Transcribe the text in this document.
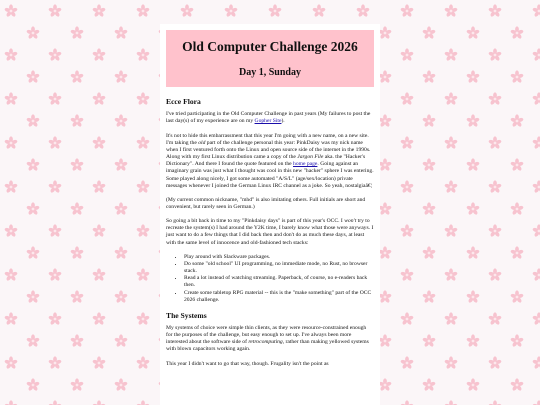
Old Computer Challenge 2026
Day 1, Sunday
Ecce Flora

I've tried participating in the Old Computer Challenge in past years (My failures to post the last day(s) of my experience are on my Gopher Site).

It's not to hide this embarrassment that this year I'm going with a new name, on a new site. I'm taking the old part of the challenge personal this year: PinkDaisy was my nick name when I first ventured forth onto the Linux and open source side of the internet in the 1990s. Along with my first Linux distribution came a copy of the Jargon File aka. the "Hacker's Dictionary". And there I found the quote featured on the home page. Going against an imaginary grain was just what I thought was cool in this new "hacker" sphere I was entering. Some played along nicely, I got some automated "A/S/L" (age/sex/location) private messages whenever I joined the German Linux IRC channel as a joke. So yeah, nostalgiaâ€¦

(My current common nickname, "mhd" is also imitating others. Full initials are short and convenient, but rarely seen in German.)

So going a bit back in time to my "Pinkdaisy days" is part of this year's OCC. I won't try to recreate the system(s) I had around the Y2K time, I barely know what those were anyways. I just want to do a few things that I did back then and don't do as much these days, at least with the same level of innocence and old-fashioned tech stacks:

• Play around with Slackware packages.
• Do some "old school" UI programming, no immediate mode, no Rust, no browser stack.
• Read a lot instead of watching streaming. Paperback, of course, no e-readers back then.
• Create some tabletop RPG material -- this is the "make something" part of the OCC 2026 challenge.
The Systems

My systems of choice were simple thin clients, as they were resource-constrained enough for the purposes of the challenge, but easy enough to set up. I've always been more interested about the software side of retrocomputing, rather than making yellowed systems with blown capacitors working again.

This year I didn't want to go that way, though. Frugality isn't the point as
